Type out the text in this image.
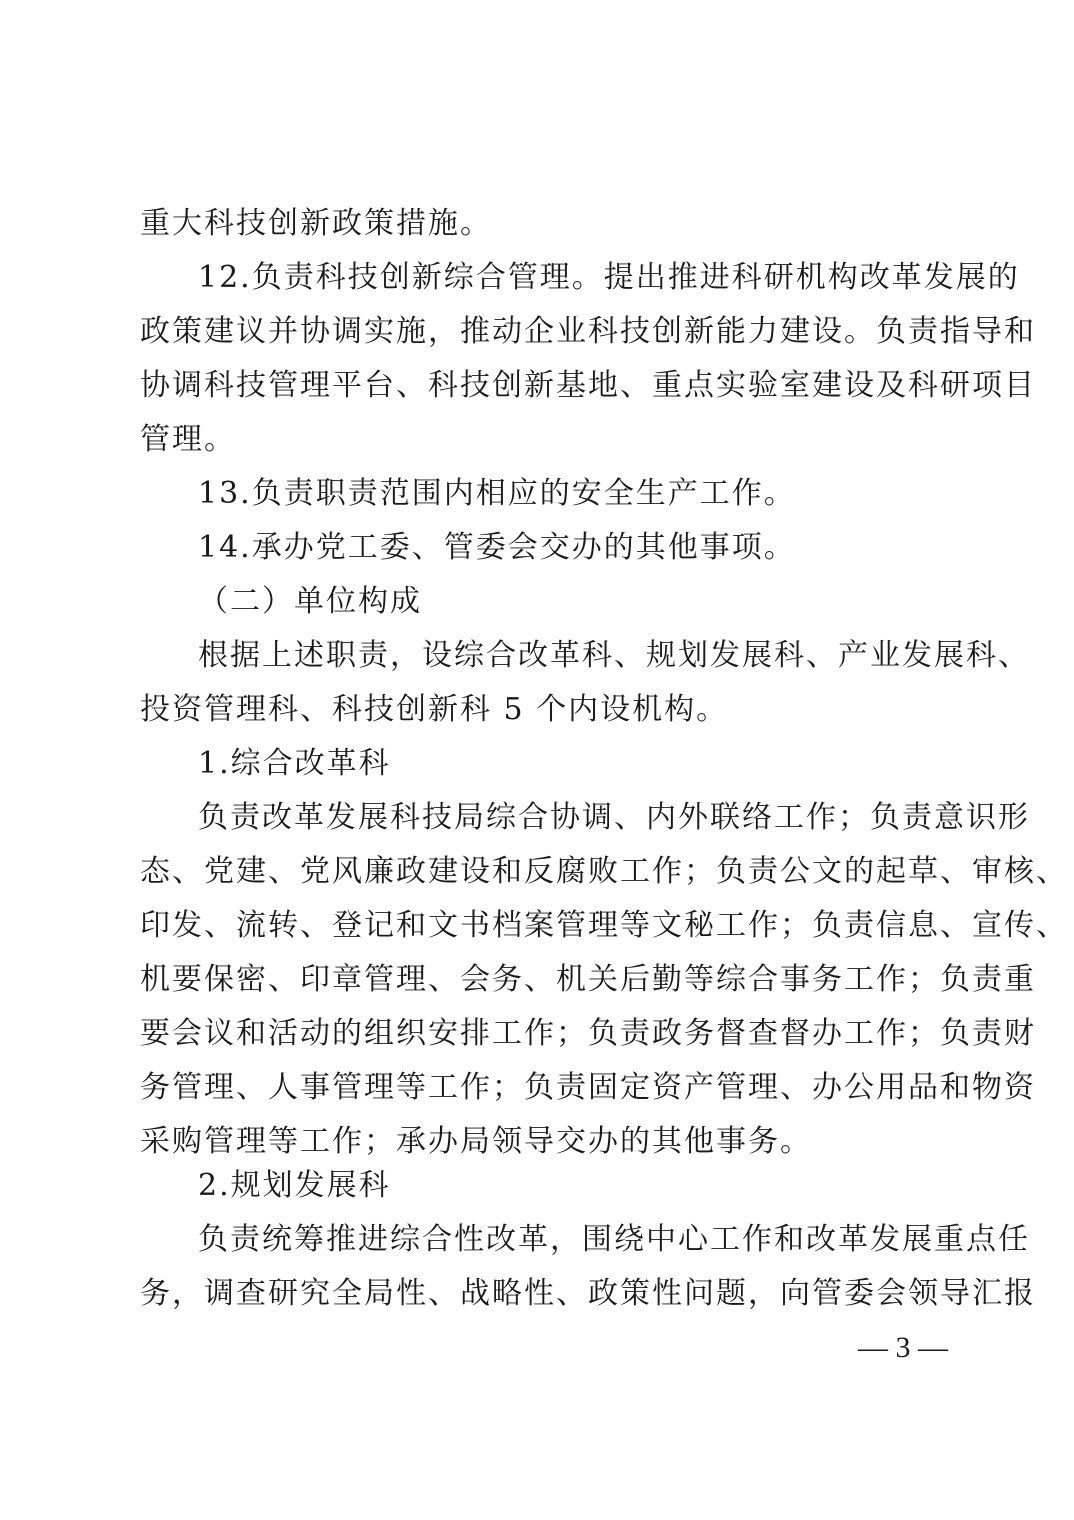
重大科技创新政策措施。
12.负责科技创新综合管理。提出推进科研机构改革发展的
政策建议并协调实施，推动企业科技创新能力建设。负责指导和
协调科技管理平台、科技创新基地、重点实验室建设及科研项目
管理。
13.负责职责范围内相应的安全生产工作。
14.承办党工委、管委会交办的其他事项。
（二）单位构成
根据上述职责，设综合改革科、规划发展科、产业发展科、
投资管理科、科技创新科 5 个内设机构。
1.综合改革科
负责改革发展科技局综合协调、内外联络工作；负责意识形
态、党建、党风廉政建设和反腐败工作；负责公文的起草、审核、
印发、流转、登记和文书档案管理等文秘工作；负责信息、宣传、
机要保密、印章管理、会务、机关后勤等综合事务工作；负责重
要会议和活动的组织安排工作；负责政务督查督办工作；负责财
务管理、人事管理等工作；负责固定资产管理、办公用品和物资
采购管理等工作；承办局领导交办的其他事务。
2.规划发展科
负责统筹推进综合性改革，围绕中心工作和改革发展重点任
务，调查研究全局性、战略性、政策性问题，向管委会领导汇报
— 3 —
